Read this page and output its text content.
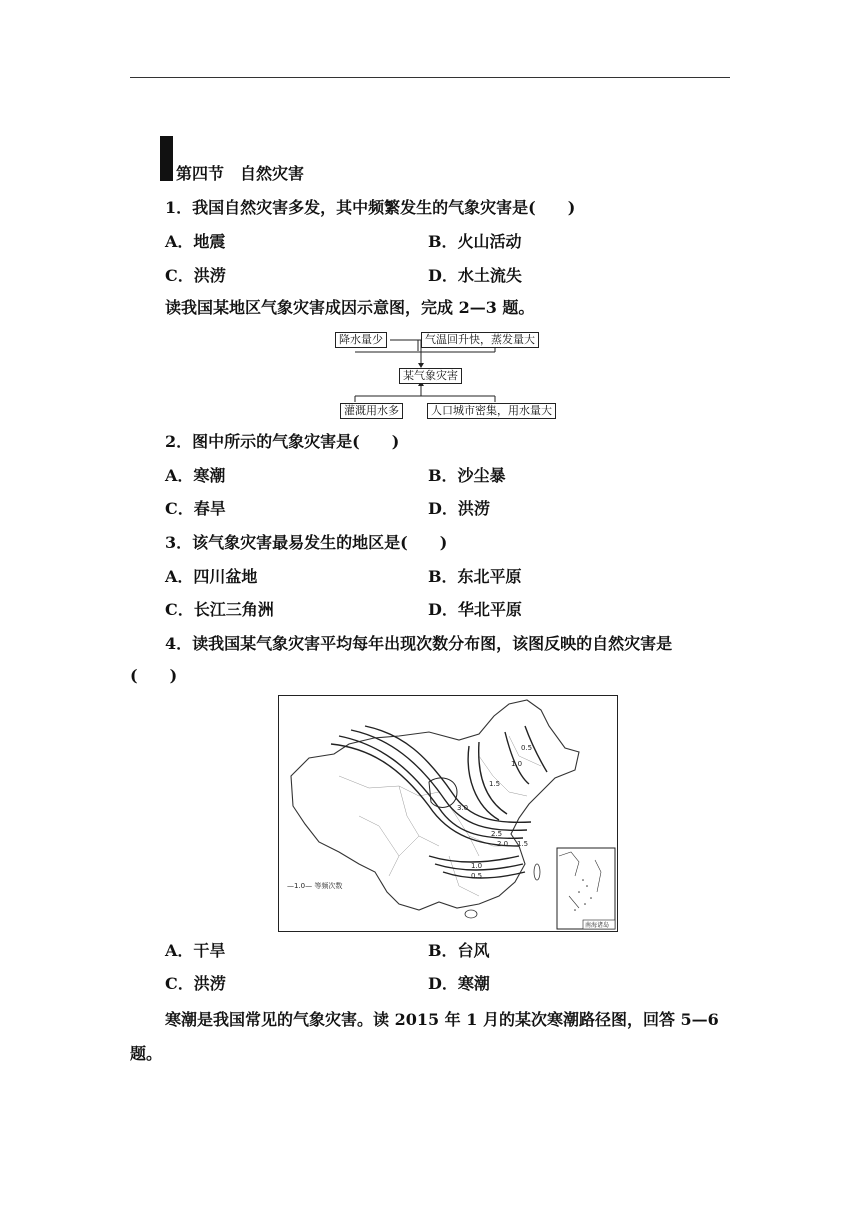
第四节　自然灾害
1．我国自然灾害多发，其中频繁发生的气象灾害是(　　)
A．地震	B．火山活动
C．洪涝	D．水土流失
读我国某地区气象灾害成因示意图，完成 2—3 题。
降水量少	气温回升快，蒸发量大
某气象灾害
灌溉用水多	人口城市密集，用水量大
2．图中所示的气象灾害是(　　)
A．寒潮	B．沙尘暴
C．春旱	D．洪涝
3．该气象灾害最易发生的地区是(　　)
A．四川盆地	B．东北平原
C．长江三角洲	D．华北平原
4．读我国某气象灾害平均每年出现次数分布图，该图反映的自然灾害是
(　　)
0.5
1.0
1.5
3.0
2.5
2.0 1.5
1.0
0.5
—1.0— 等频次数
南海诸岛
A．干旱	B．台风
C．洪涝	D．寒潮
寒潮是我国常见的气象灾害。读 2015 年 1 月的某次寒潮路径图，回答 5—6
题。
